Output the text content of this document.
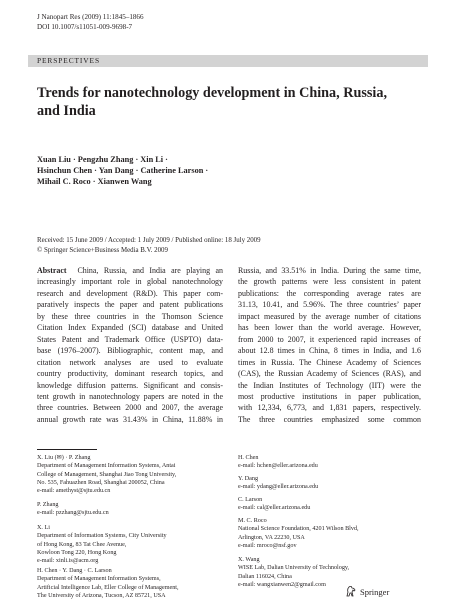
J Nanopart Res (2009) 11:1845–1866
DOI 10.1007/s11051-009-9698-7
PERSPECTIVES
Trends for nanotechnology development in China, Russia,
and India
Xuan Liu · Pengzhu Zhang · Xin Li ·
Hsinchun Chen · Yan Dang · Catherine Larson ·
Mihail C. Roco · Xianwen Wang
Received: 15 June 2009 / Accepted: 1 July 2009 / Published online: 18 July 2009
© Springer Science+Business Media B.V. 2009
Abstract China, Russia, and India are playing an
increasingly important role in global nanotechnology
research and development (R&D). This paper com-
paratively inspects the paper and patent publications
by these three countries in the Thomson Science
Citation Index Expanded (SCI) database and United
States Patent and Trademark Office (USPTO) data-
base (1976–2007). Bibliographic, content map, and
citation network analyses are used to evaluate
country productivity, dominant research topics, and
knowledge diffusion patterns. Significant and consis-
tent growth in nanotechnology papers are noted in the
three countries. Between 2000 and 2007, the average
annual growth rate was 31.43% in China, 11.88% in
Russia, and 33.51% in India. During the same time,
the growth patterns were less consistent in patent
publications: the corresponding average rates are
31.13, 10.41, and 5.96%. The three countries’ paper
impact measured by the average number of citations
has been lower than the world average. However,
from 2000 to 2007, it experienced rapid increases of
about 12.8 times in China, 8 times in India, and 1.6
times in Russia. The Chinese Academy of Sciences
(CAS), the Russian Academy of Sciences (RAS), and
the Indian Institutes of Technology (IIT) were the
most productive institutions in paper publication,
with 12,334, 6,773, and 1,831 papers, respectively.
The three countries emphasized some common
X. Liu (✉) · P. Zhang
Department of Management Information Systems, Antai
College of Management, Shanghai Jiao Tong University,
No. 535, Fahuazhen Road, Shanghai 200052, China
e-mail: amethyst@sjtu.edu.cn
P. Zhang
e-mail: pzzhang@sjtu.edu.cn
X. Li
Department of Information Systems, City University
of Hong Kong, 83 Tat Chee Avenue,
Kowloon Tong 220, Hong Kong
e-mail: xinli.is@acm.org
H. Chen · Y. Dang · C. Larson
Department of Management Information Systems,
Artificial Intelligence Lab, Eller College of Management,
The University of Arizona, Tucson, AZ 85721, USA
H. Chen
e-mail: hchen@eller.arizona.edu
Y. Dang
e-mail: ydang@eller.arizona.edu
C. Larson
e-mail: cal@eller.arizona.edu
M. C. Roco
National Science Foundation, 4201 Wilson Blvd,
Arlington, VA 22230, USA
e-mail: mroco@nsf.gov
X. Wang
WISE Lab, Dalian University of Technology,
Dalian 116024, China
e-mail: wangxianwen2@gmail.com
Springer
